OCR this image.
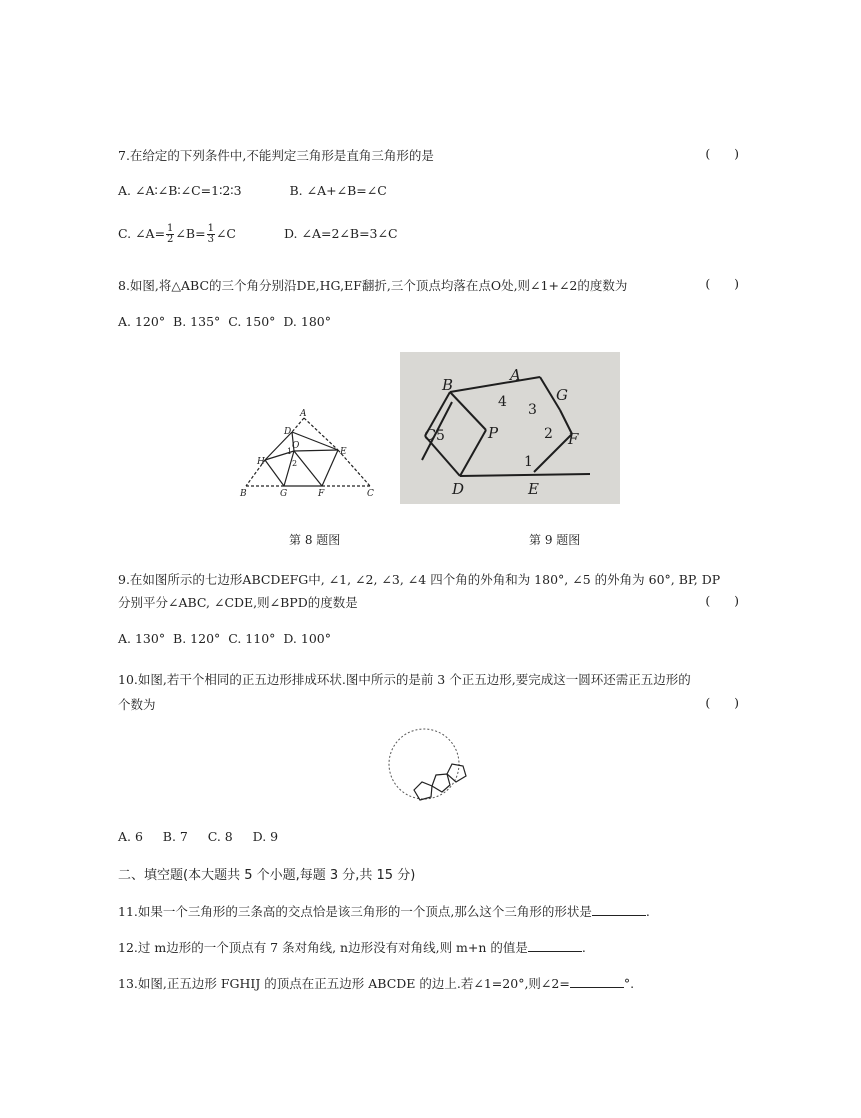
7.在给定的下列条件中,不能判定三角形是直角三角形的是	(      )
A. ∠A∶∠B∶∠C=1∶2∶3	B. ∠A+∠B=∠C
C. ∠A= $\frac{1}{2}$ ∠B= $\frac{1}{3}$ ∠C	D. ∠A=2∠B=3∠C
8.如图,将△ABC的三个角分别沿DE,HG,EF翻折,三个顶点均落在点O处,则∠1+∠2的度数为	(      )
A. 120°  B. 135°  C. 150°  D. 180°
A
D
E
H
O
B	G	F	C
1
2
第 8 题图
B
A
G
C	P	F
D	E
4 3
2
1
5
第 9 题图
9.在如图所示的七边形ABCDEFG中, ∠1, ∠2, ∠3, ∠4 四个角的外角和为 180°, ∠5 的外角为 60°, BP, DP
分别平分∠ABC, ∠CDE,则∠BPD的度数是	(      )
A. 130°  B. 120°  C. 110°  D. 100°
10.如图,若干个相同的正五边形排成环状.图中所示的是前 3 个正五边形,要完成这一圆环还需正五边形的
个数为	(      )
A. 6     B. 7     C. 8     D. 9
二、填空题(本大题共 5 个小题,每题 3 分,共 15 分)
11.如果一个三角形的三条高的交点恰是该三角形的一个顶点,那么这个三角形的形状是	.
12.过 m边形的一个顶点有 7 条对角线, n边形没有对角线,则 m+n 的值是	.
13.如图,正五边形 FGHIJ 的顶点在正五边形 ABCDE 的边上.若∠1=20°,则∠2=	°.
